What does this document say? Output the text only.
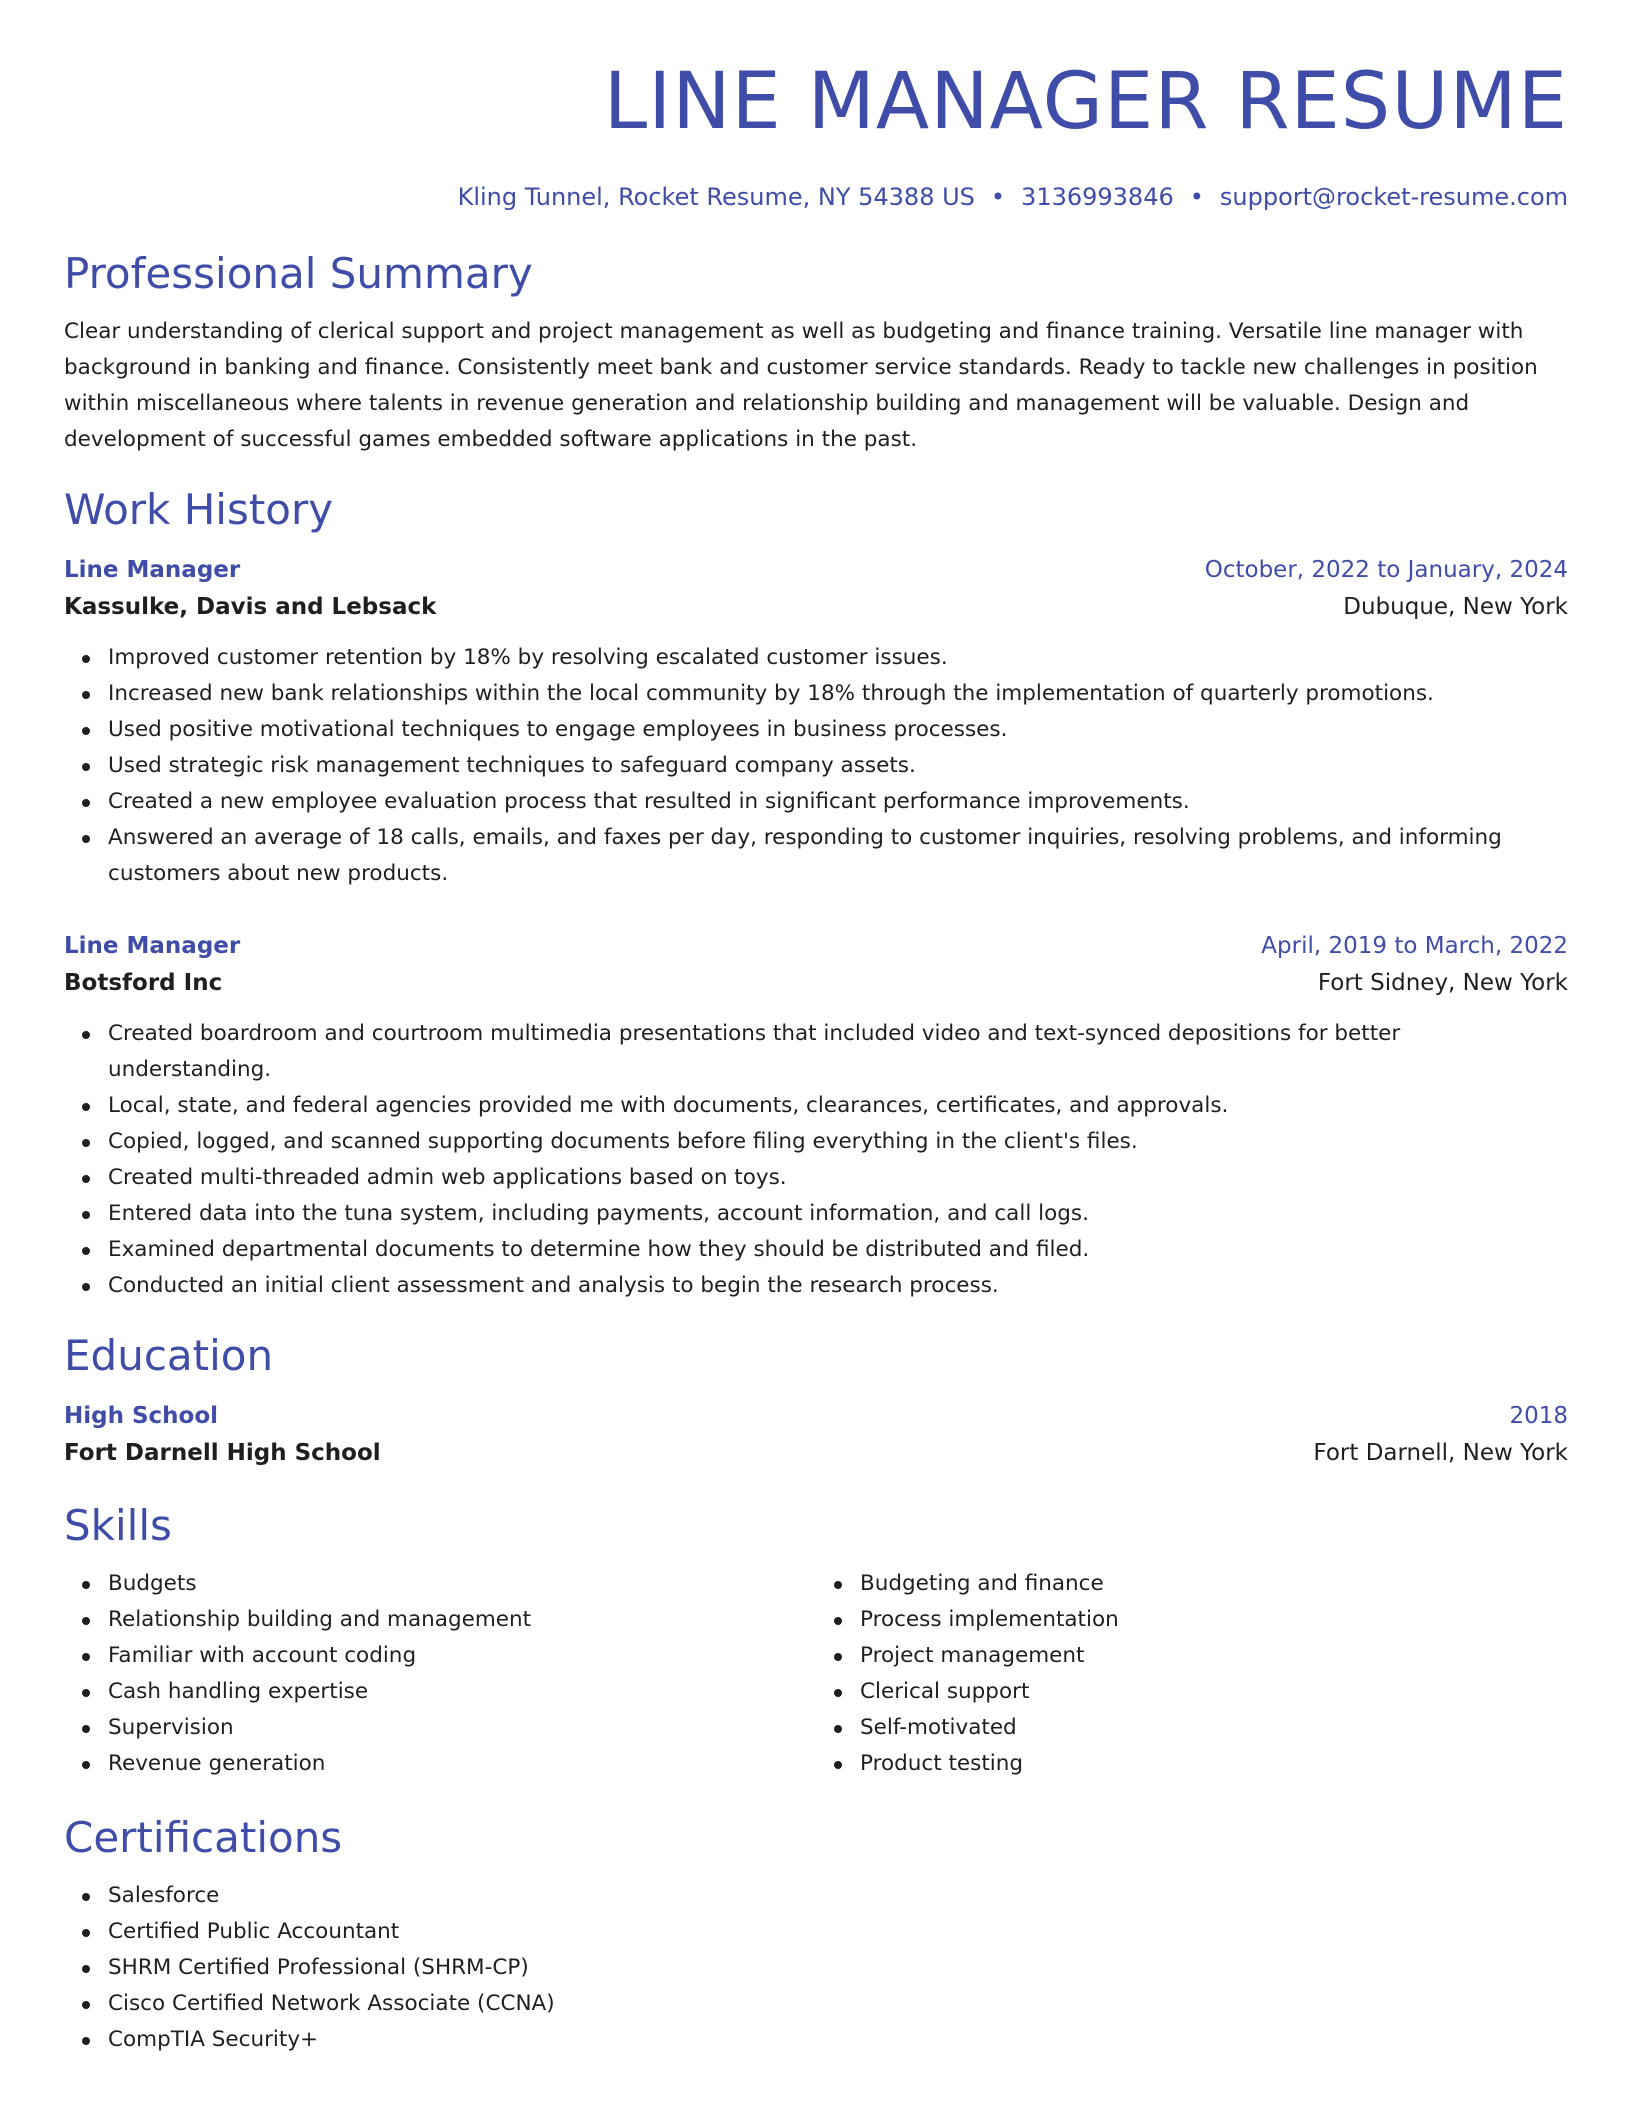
LINE MANAGER RESUME
Kling Tunnel, Rocket Resume, NY 54388 US • 3136993846 • support@rocket-resume.com
Professional Summary
Clear understanding of clerical support and project management as well as budgeting and finance training. Versatile line manager with background in banking and finance. Consistently meet bank and customer service standards. Ready to tackle new challenges in position within miscellaneous where talents in revenue generation and relationship building and management will be valuable. Design and development of successful games embedded software applications in the past.
Work History
Line Manager	October, 2022 to January, 2024
Kassulke, Davis and Lebsack	Dubuque, New York
Improved customer retention by 18% by resolving escalated customer issues.
Increased new bank relationships within the local community by 18% through the implementation of quarterly promotions.
Used positive motivational techniques to engage employees in business processes.
Used strategic risk management techniques to safeguard company assets.
Created a new employee evaluation process that resulted in significant performance improvements.
Answered an average of 18 calls, emails, and faxes per day, responding to customer inquiries, resolving problems, and informing customers about new products.
Line Manager	April, 2019 to March, 2022
Botsford Inc	Fort Sidney, New York
Created boardroom and courtroom multimedia presentations that included video and text-synced depositions for better understanding.
Local, state, and federal agencies provided me with documents, clearances, certificates, and approvals.
Copied, logged, and scanned supporting documents before filing everything in the client's files.
Created multi-threaded admin web applications based on toys.
Entered data into the tuna system, including payments, account information, and call logs.
Examined departmental documents to determine how they should be distributed and filed.
Conducted an initial client assessment and analysis to begin the research process.
Education
High School	2018
Fort Darnell High School	Fort Darnell, New York
Skills
Budgets
Relationship building and management
Familiar with account coding
Cash handling expertise
Supervision
Revenue generation
Budgeting and finance
Process implementation
Project management
Clerical support
Self-motivated
Product testing
Certifications
Salesforce
Certified Public Accountant
SHRM Certified Professional (SHRM-CP)
Cisco Certified Network Associate (CCNA)
CompTIA Security+
